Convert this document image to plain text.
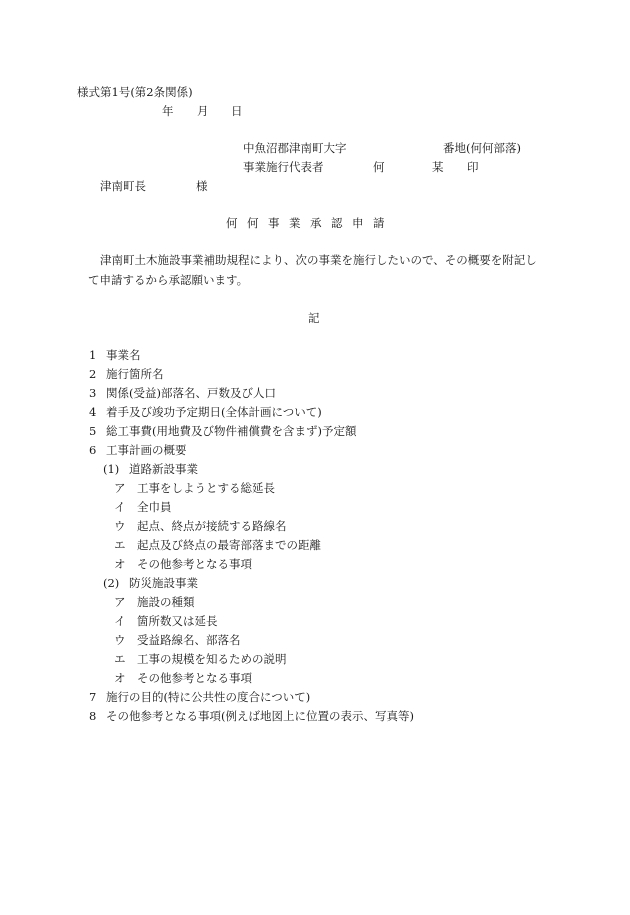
様式第1号(第2条関係)
年 月 日
中魚沼郡津南町大字	番地(何何部落)
事業施行代表者	何	某 印
津南町長	様
何 何 事 業 承 認 申 請
津南町土木施設事業補助規程により、次の事業を施行したいので、その概要を附記し
て申請するから承認願います。
記
1 事業名
2 施行箇所名
3 関係(受益)部落名、戸数及び人口
4 着手及び竣功予定期日(全体計画について)
5 総工事費(用地費及び物件補償費を含まず)予定額
6 工事計画の概要
(1) 道路新設事業
ア 工事をしようとする総延長
イ 全巾員
ウ 起点、終点が接続する路線名
エ 起点及び終点の最寄部落までの距離
オ その他参考となる事項
(2) 防災施設事業
ア 施設の種類
イ 箇所数又は延長
ウ 受益路線名、部落名
エ 工事の規模を知るための説明
オ その他参考となる事項
7 施行の目的(特に公共性の度合について)
8 その他参考となる事項(例えば地図上に位置の表示、写真等)
